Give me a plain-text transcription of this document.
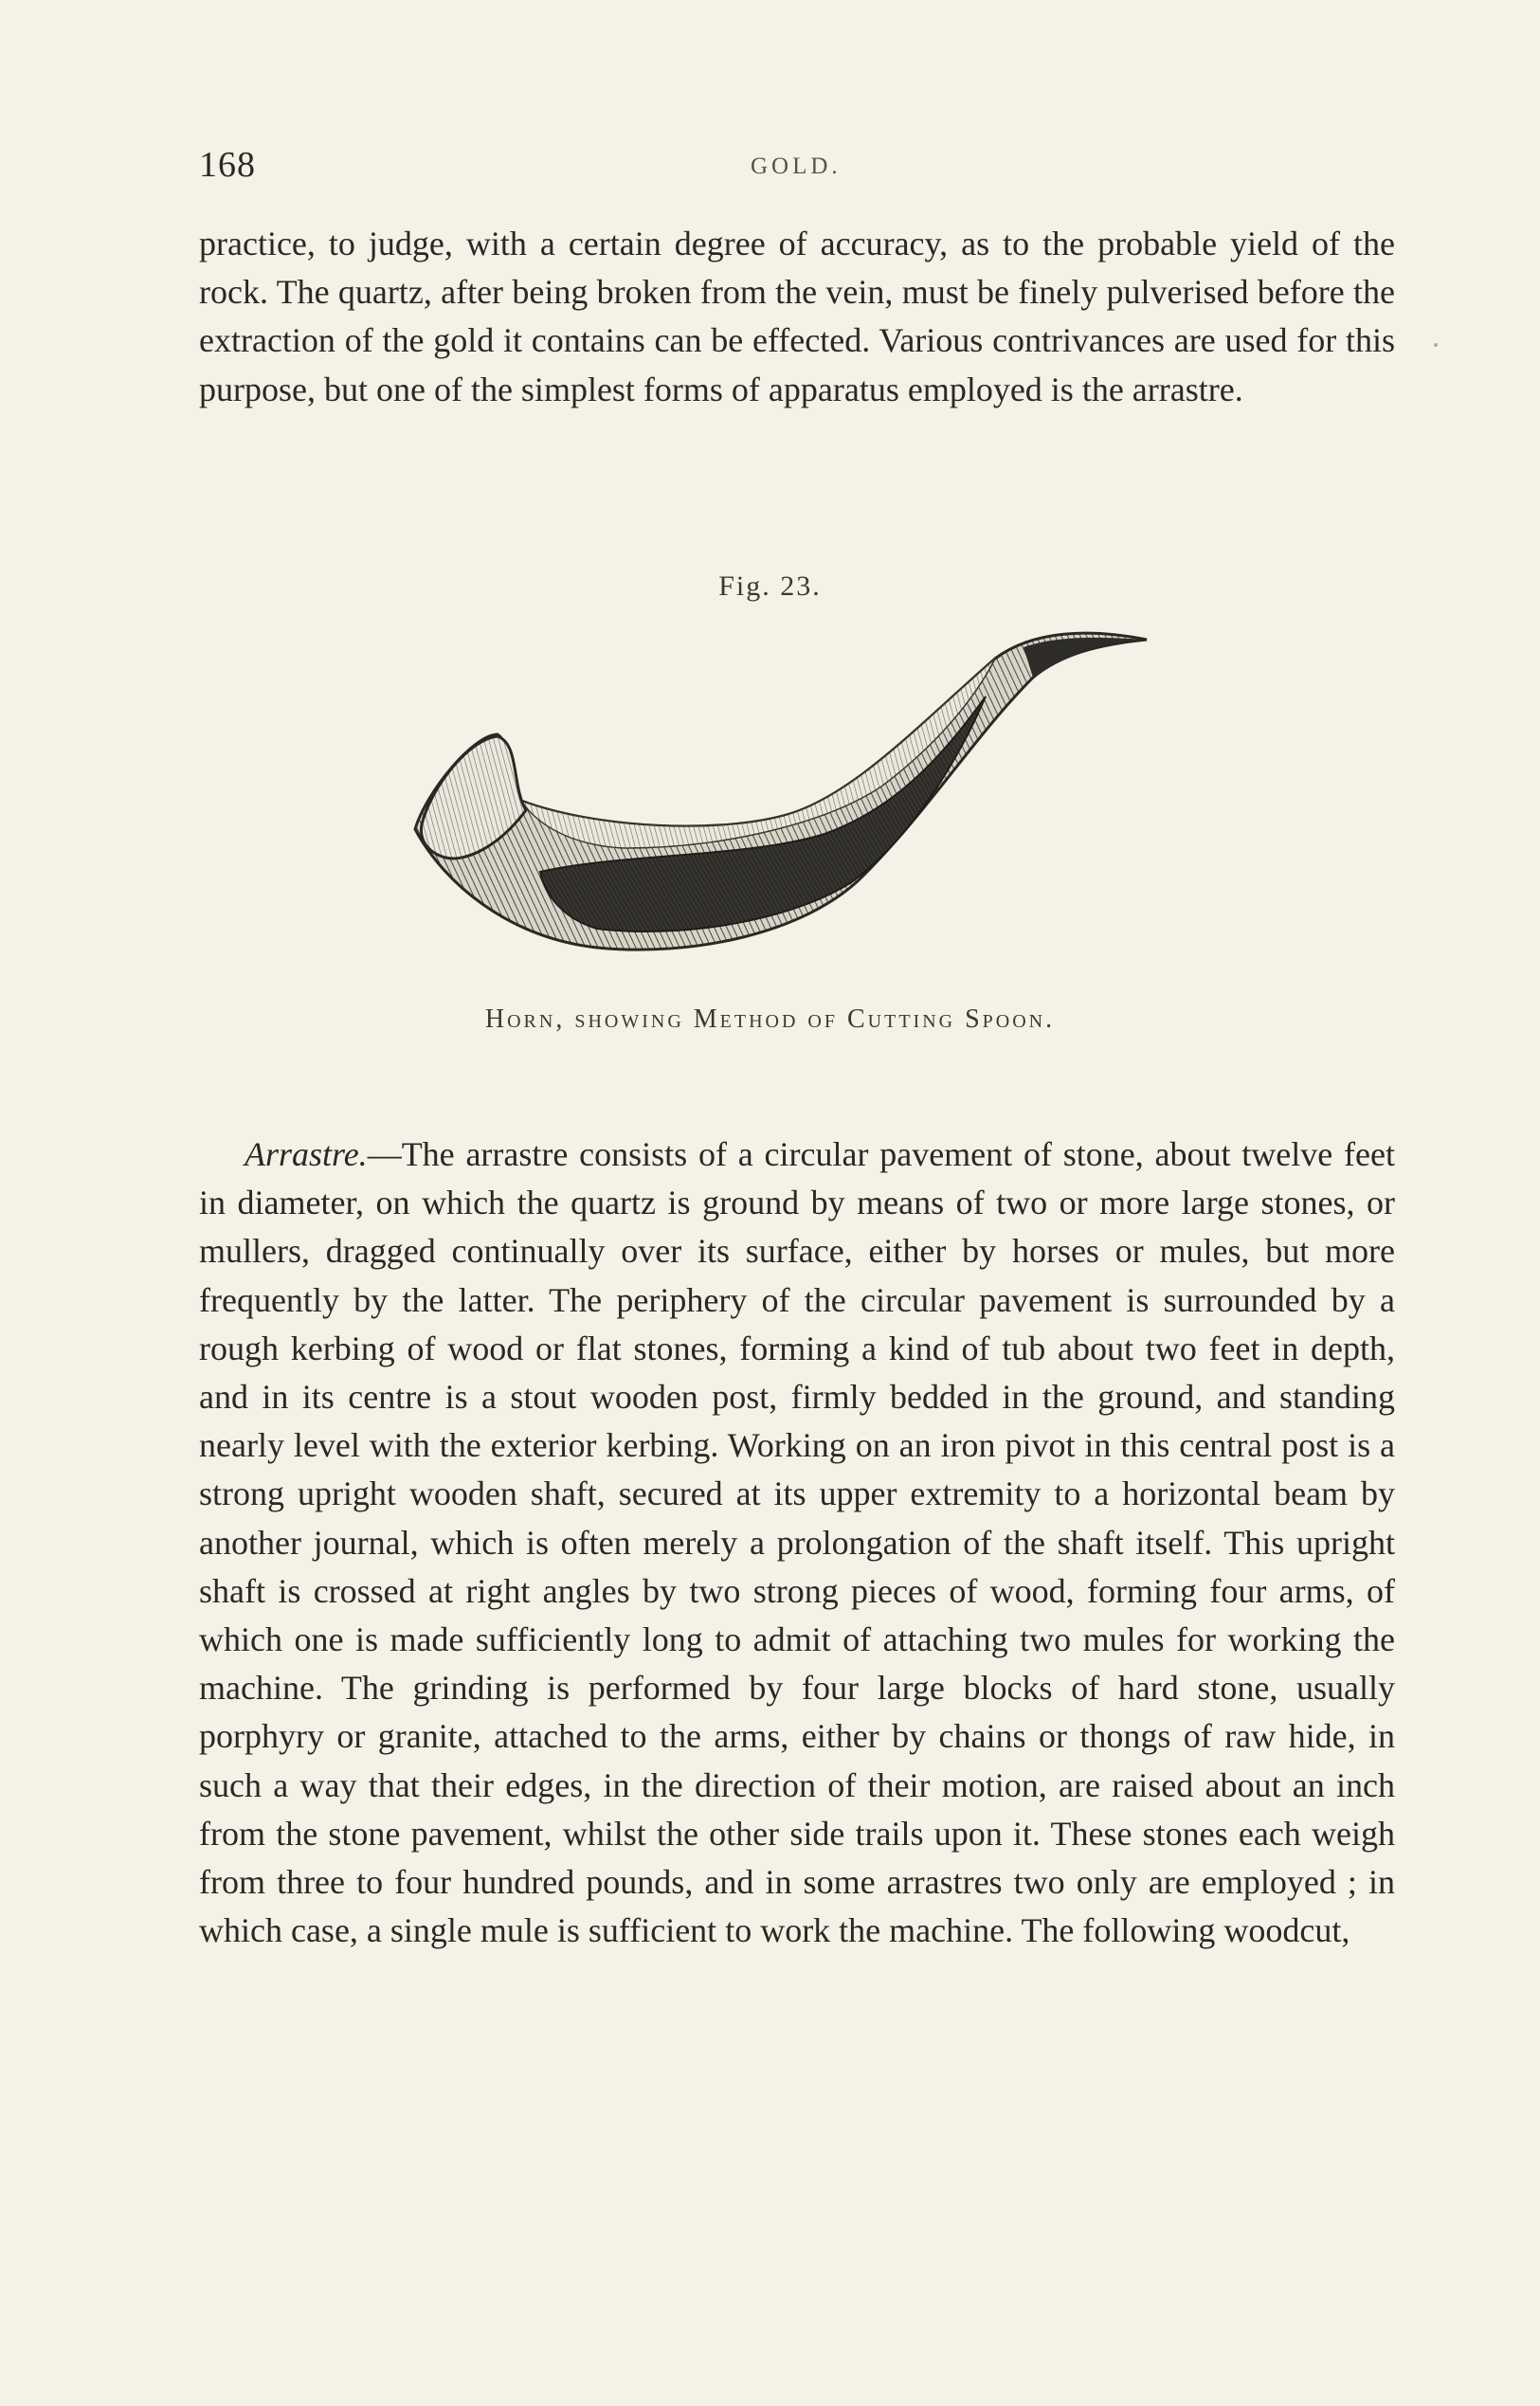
168	GOLD.

practice, to judge, with a certain degree of accuracy, as to the probable yield of the rock. The quartz, after being broken from the vein, must be finely pulverised before the extraction of the gold it contains can be effected. Various contrivances are used for this purpose, but one of the simplest forms of apparatus employed is the arrastre.

Fig. 23.
Horn, showing Method of Cutting Spoon.

Arrastre.—The arrastre consists of a circular pavement of stone, about twelve feet in diameter, on which the quartz is ground by means of two or more large stones, or mullers, dragged continually over its surface, either by horses or mules, but more frequently by the latter. The periphery of the circular pavement is surrounded by a rough kerbing of wood or flat stones, forming a kind of tub about two feet in depth, and in its centre is a stout wooden post, firmly bedded in the ground, and standing nearly level with the exterior kerbing. Working on an iron pivot in this central post is a strong upright wooden shaft, secured at its upper extremity to a horizontal beam by another journal, which is often merely a prolongation of the shaft itself. This upright shaft is crossed at right angles by two strong pieces of wood, forming four arms, of which one is made sufficiently long to admit of attaching two mules for working the machine. The grinding is performed by four large blocks of hard stone, usually porphyry or granite, attached to the arms, either by chains or thongs of raw hide, in such a way that their edges, in the direction of their motion, are raised about an inch from the stone pavement, whilst the other side trails upon it. These stones each weigh from three to four hundred pounds, and in some arrastres two only are employed ; in which case, a single mule is sufficient to work the machine. The following woodcut,
